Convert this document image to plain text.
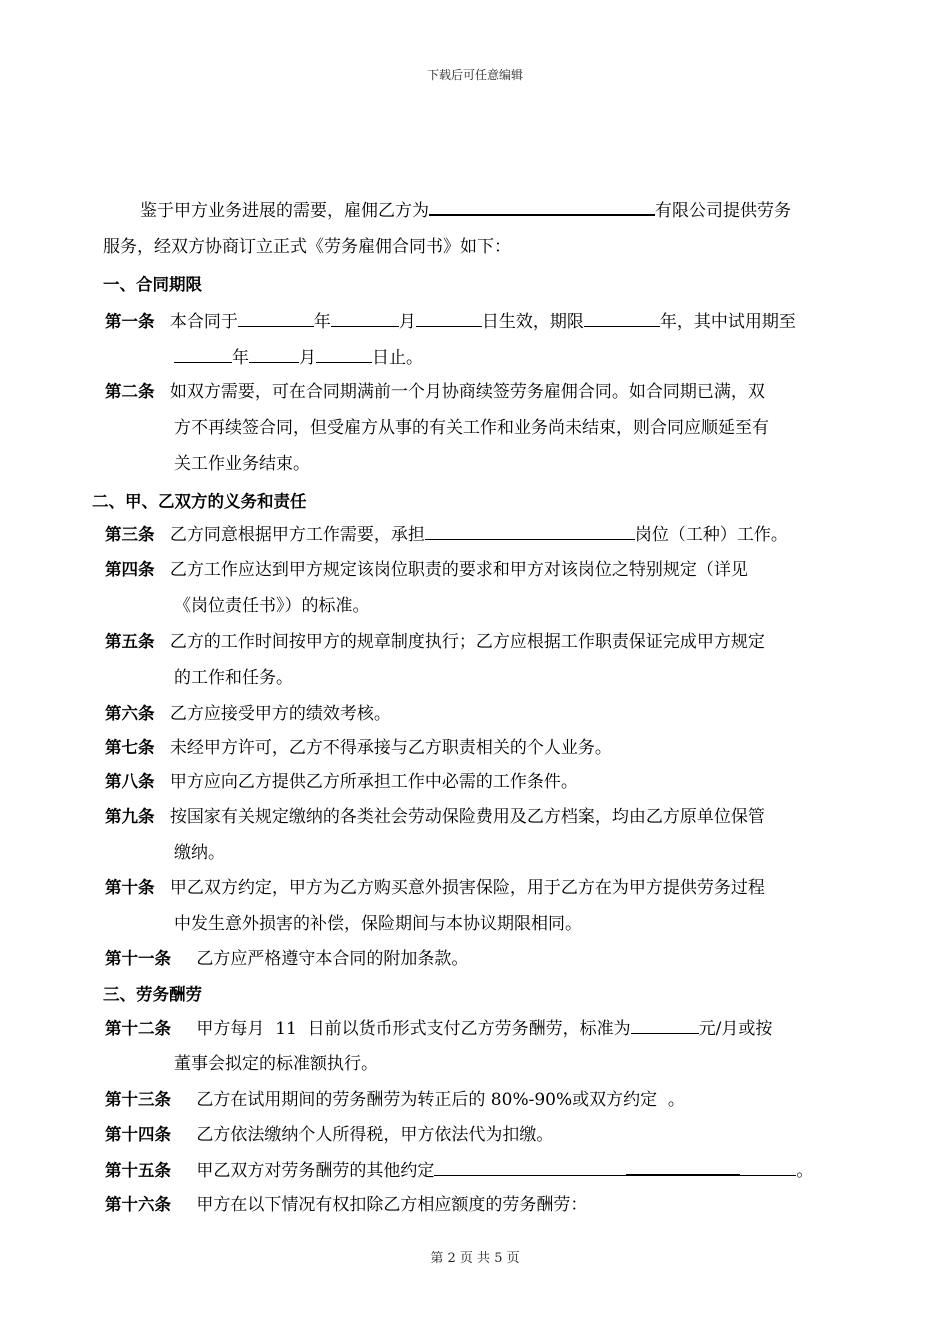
下载后可任意编辑
鉴于甲方业务进展的需要，雇佣乙方为	有限公司提供劳务
服务，经双方协商订立正式《劳务雇佣合同书》如下：
一、合同期限
第一条 本合同于	年	月	日生效，期限	年，其中试用期至
年	月	日止。
第二条 如双方需要，可在合同期满前一个月协商续签劳务雇佣合同。如合同期已满，双
方不再续签合同，但受雇方从事的有关工作和业务尚未结束，则合同应顺延至有
关工作业务结束。
二、甲、乙双方的义务和责任
第三条 乙方同意根据甲方工作需要，承担	岗位（工种）工作。
第四条 乙方工作应达到甲方规定该岗位职责的要求和甲方对该岗位之特别规定（详见
《岗位责任书》）的标准。
第五条 乙方的工作时间按甲方的规章制度执行；乙方应根据工作职责保证完成甲方规定
的工作和任务。
第六条 乙方应接受甲方的绩效考核。
第七条 未经甲方许可，乙方不得承接与乙方职责相关的个人业务。
第八条 甲方应向乙方提供乙方所承担工作中必需的工作条件。
第九条 按国家有关规定缴纳的各类社会劳动保险费用及乙方档案，均由乙方原单位保管
缴纳。
第十条 甲乙双方约定，甲方为乙方购买意外损害保险，用于乙方在为甲方提供劳务过程
中发生意外损害的补偿，保险期间与本协议期限相同。
第十一条 乙方应严格遵守本合同的附加条款。
三、劳务酬劳
第十二条 甲方每月  11  日前以货币形式支付乙方劳务酬劳，标准为	元/月或按
董事会拟定的标准额执行。
第十三条 乙方在试用期间的劳务酬劳为转正后的 80%-90%或双方约定  。
第十四条 乙方依法缴纳个人所得税，甲方依法代为扣缴。
第十五条 甲乙双方对劳务酬劳的其他约定	。
第十六条 甲方在以下情况有权扣除乙方相应额度的劳务酬劳：
第 2 页 共 5 页
